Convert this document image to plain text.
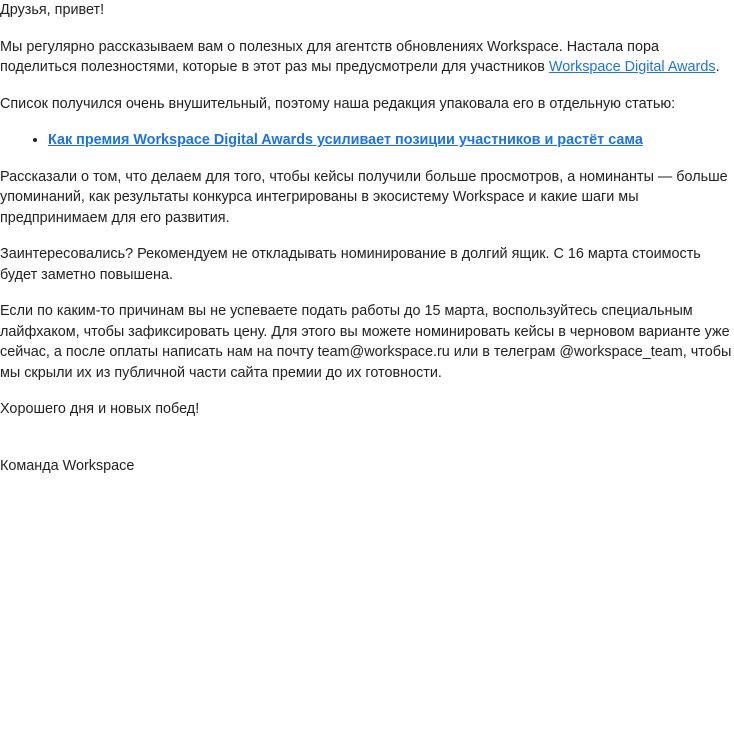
Друзья, привет!

Мы регулярно рассказываем вам о полезных для агентств обновлениях Workspace. Настала пора поделиться полезностями, которые в этот раз мы предусмотрели для участников Workspace Digital Awards.

Список получился очень внушительный, поэтому наша редакция упаковала его в отдельную статью:

• Как премия Workspace Digital Awards усиливает позиции участников и растёт сама

Рассказали о том, что делаем для того, чтобы кейсы получили больше просмотров, а номинанты — больше упоминаний, как результаты конкурса интегрированы в экосистему Workspace и какие шаги мы предпринимаем для его развития.

Заинтересовались? Рекомендуем не откладывать номинирование в долгий ящик. С 16 марта стоимость будет заметно повышена.

Если по каким-то причинам вы не успеваете подать работы до 15 марта, воспользуйтесь специальным лайфхаком, чтобы зафиксировать цену. Для этого вы можете номинировать кейсы в черновом варианте уже сейчас, а после оплаты написать нам на почту team@workspace.ru или в телеграм @workspace_team, чтобы мы скрыли их из публичной части сайта премии до их готовности.

Хорошего дня и новых побед!

Команда Workspace
